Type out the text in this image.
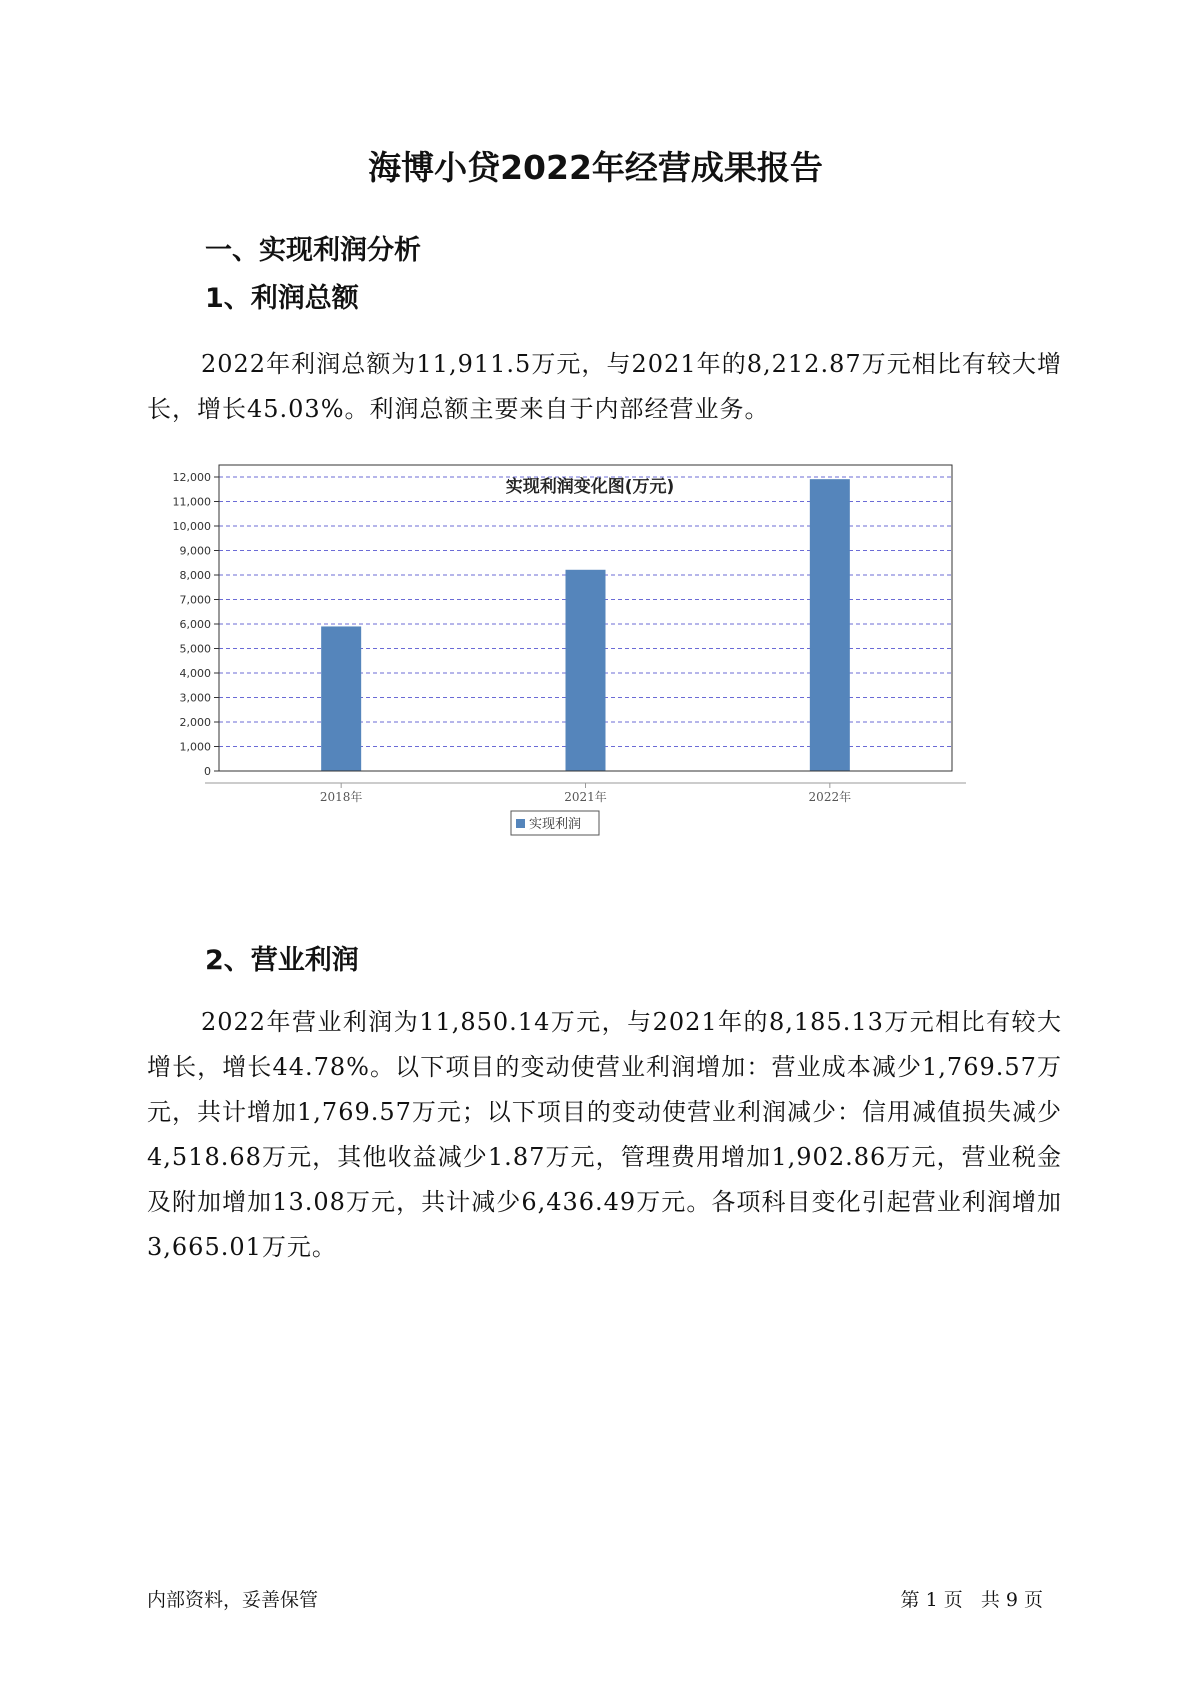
海博小贷2022年经营成果报告
一、实现利润分析
1、利润总额
2022年利润总额为11,911.5万元，与2021年的8,212.87万元相比有较大增长，增长45.03%。利润总额主要来自于内部经营业务。
实现利润变化图(万元)
0
1,000
2,000
3,000
4,000
5,000
6,000
7,000
8,000
9,000
10,000
11,000
12,000
2018年	2021年	2022年
实现利润
2、营业利润
2022年营业利润为11,850.14万元，与2021年的8,185.13万元相比有较大增长，增长44.78%。以下项目的变动使营业利润增加：营业成本减少1,769.57万元，共计增加1,769.57万元；以下项目的变动使营业利润减少：信用减值损失减少4,518.68万元，其他收益减少1.87万元，管理费用增加1,902.86万元，营业税金及附加增加13.08万元，共计减少6,436.49万元。各项科目变化引起营业利润增加3,665.01万元。
内部资料，妥善保管	第 1 页   共 9 页
